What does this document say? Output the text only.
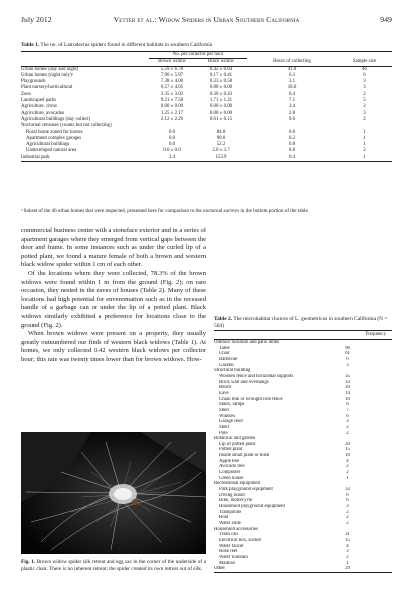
July 2012	Vetter et al.: Widow Spiders in Urban Southern California	949
Table 1. The no. of Latrodectus spiders found in different habitats in southern California
	No. per collector per hour			
	Brown widow	Black widow	Hours of collecting	Sample size
Urban homes (day and night)	5.59 ± 6.78	0.42 ± 0.64	41.8	46
Urban homes (night only)ᵃ	7.90 ± 5.97	0.17 ± 0.41	6.3	6
Playgrounds	7.38 ± 4.06	0.33 ± 0.58	3.1	3
Plant nursery/horticultural	6.57 ± 4.05	0.00 ± 0.00	18.0	3
Zoos	3.35 ± 3.02	0.30 ± 0.43	6.4	2
Landscaped parks	9.21 ± 7.50	1.71 ± 1.21	7.1	5
Agriculture, citrus	0.00 ± 0.00	0.00 ± 0.00	3.4	2
Agriculture, avocados	1.25 ± 2.17	0.00 ± 0.00	2.8	3
Agricultural buildings (day collect)	2.12 ± 2.29	0.61 ± 0.15	9.6	2
Nocturnal censuses (counts but not collecting)				
Rural home zoned for horses	0.0	84.0	0.8	1
Apartment complex garages	0.0	90.0	0.2	1
Agricultural buildings	0.0	52.2	0.8	1
Undeveloped natural area	0.0 ± 0.0	2.6 ± 3.7	0.8	2
Industrial park	2.4	153.9	0.4	1
ᵃ Subset of the 46 urban homes that were inspected, presented here for comparison to the nocturnal surveys in the bottom portion of the table.

commercial business center with a stoneface exterior and in a series of apartment garages where they emerged from vertical gaps between the door and frame. In some instances such as under the curled lip of a potted plant, we found a mature female of both a brown and western black widow spider within 1 cm of each other.

Of the locations where they were collected, 78.3% of the brown widows were found within 1 m from the ground (Fig. 2); on rare occasion, they nested in the eaves of houses (Table 2). Many of these locations had high potential for envenomation such as in the recessed handle of a garbage can or under the lip of a potted plant. Black widows similarly exhibited a preference for locations close to the ground (Fig. 2).

When brown widows were present on a property, they usually greatly outnumbered our finds of western black widows (Table 1). At homes, we only collected 0.42 western black widows per collector hour; this rate was twenty times lower than for brown widows. How-

Fig. 1. Brown widow spider silk retreat and egg sac in the corner of the underside of a plastic chair. There is no inherent retreat; the spider created its own retreat out of silk.
Table 2. The microhabitat choices of L. geometricus in southern California (N = 504)
Frequency	
Outdoor furniture and patio items	
Table	96
Chair	61
Barbecue	6
Gazebo	3
Structural building	
Wooden fence and horizontal supports	35
Brick wall and overhangs	33
Bench	20
Eave	14
Chain link or wrought iron fence	10
Stairs, ramps	8
Shed	7
Window	6
Garage door	3
Shelf	2
Pole	2
Botanical and garden	
Lip of potted plant	20
Potted plant	15
Inside small plant or bush	10
Apple tree	4
Avocado tree	2
Composter	2
Green house	1
Recreational equipment	
Park playground equipment	33
Diving board	6
Bike, motorcycle	6
Household playground equipment	3
Trampoline	2
Boat	2
Water slide	2
Household accessories	
Trash can	31
Electrical box, socket	15
Water faucet	4
Hose reel	3
Water fountain	2
Mailbox	1
Other	29
